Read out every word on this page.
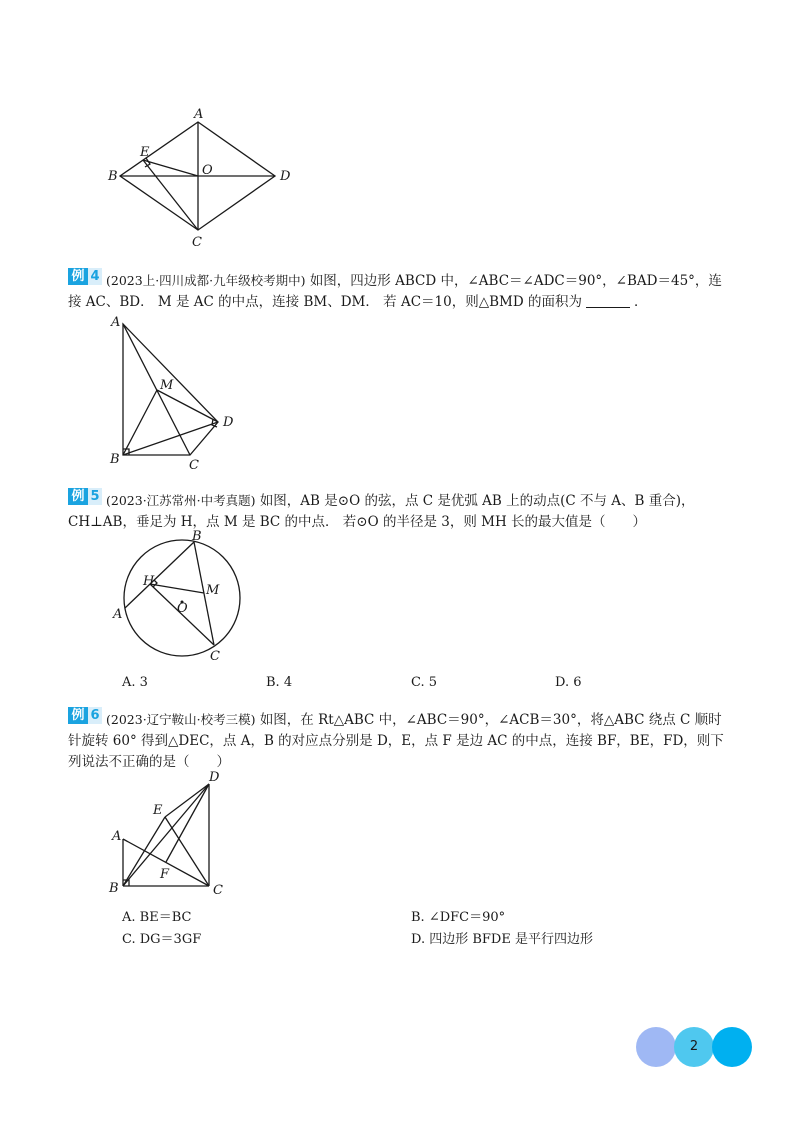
A
B
C
D
E
O
例 4 (2023上·四川成都·九年级校考期中) 如图，四边形 ABCD 中，∠ABC＝∠ADC＝90°，∠BAD＝45°，连接 AC、BD． M 是 AC 的中点，连接 BM、DM． 若 AC＝10，则△BMD 的面积为	．
A
B	C
D
M
例 5 (2023·江苏常州·中考真题) 如图，AB 是⊙O 的弦，点 C 是优弧 AB 上的动点(C 不与 A、B 重合)，CH⊥AB，垂足为 H，点 M 是 BC 的中点． 若⊙O 的半径是 3，则 MH 长的最大值是（　　）
A
B
C
H
M
O
A. 3	B. 4	C. 5	D. 6
例 6 (2023·辽宁鞍山·校考三模) 如图，在 Rt△ABC 中，∠ABC＝90°，∠ACB＝30°，将△ABC 绕点 C 顺时针旋转 60° 得到△DEC，点 A，B 的对应点分别是 D，E，点 F 是边 AC 的中点，连接 BF，BE，FD，则下列说法不正确的是（　　）
A
B	C
D
E
F
A. BE＝BC	B. ∠DFC＝90°
C. DG＝3GF	D. 四边形 BFDE 是平行四边形
2
